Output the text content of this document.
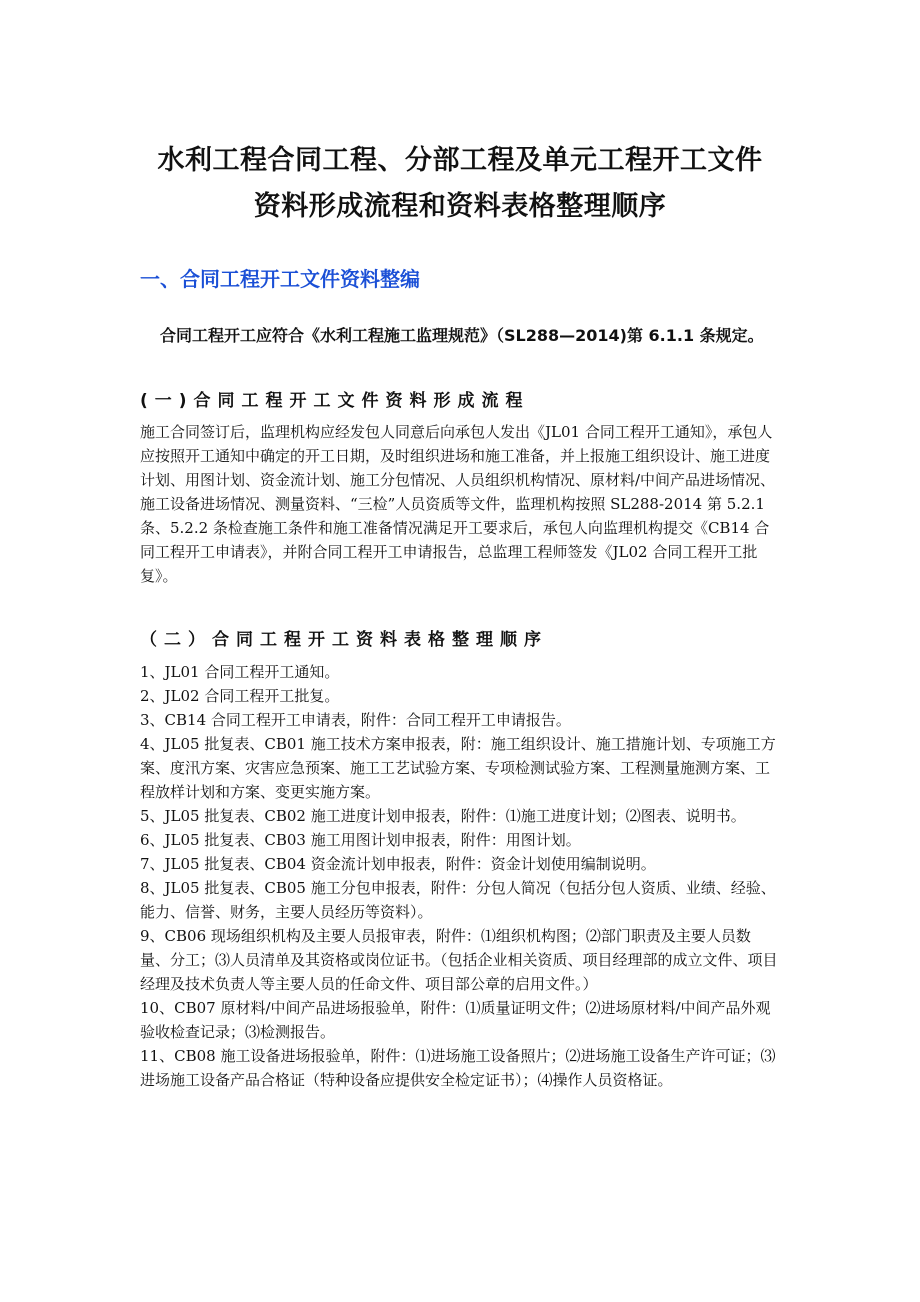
水利工程合同工程、分部工程及单元工程开工文件

资料形成流程和资料表格整理顺序

一、合同工程开工文件资料整编

合同工程开工应符合《水利工程施工监理规范》（SL288—2014)第 6.1.1 条规定。

(一)合同工程开工文件资料形成流程

施工合同签订后，监理机构应经发包人同意后向承包人发出《JL01 合同工程开工通知》，承包人应按照开工通知中确定的开工日期，及时组织进场和施工准备，并上报施工组织设计、施工进度计划、用图计划、资金流计划、施工分包情况、人员组织机构情况、原材料/中间产品进场情况、施工设备进场情况、测量资料、“三检”人员资质等文件，监理机构按照 SL288-2014 第 5.2.1 条、5.2.2 条检查施工条件和施工准备情况满足开工要求后，承包人向监理机构提交《CB14 合同工程开工申请表》，并附合同工程开工申请报告，总监理工程师签发《JL02 合同工程开工批复》。

（二）合同工程开工资料表格整理顺序
1、JL01 合同工程开工通知。
2、JL02 合同工程开工批复。
3、CB14 合同工程开工申请表，附件：合同工程开工申请报告。
4、JL05 批复表、CB01 施工技术方案申报表，附：施工组织设计、施工措施计划、专项施工方案、度汛方案、灾害应急预案、施工工艺试验方案、专项检测试验方案、工程测量施测方案、工程放样计划和方案、变更实施方案。
5、JL05 批复表、CB02 施工进度计划申报表，附件：⑴施工进度计划；⑵图表、说明书。
6、JL05 批复表、CB03 施工用图计划申报表，附件：用图计划。
7、JL05 批复表、CB04 资金流计划申报表，附件：资金计划使用编制说明。
8、JL05 批复表、CB05 施工分包申报表，附件：分包人简况（包括分包人资质、业绩、经验、能力、信誉、财务，主要人员经历等资料）。
9、CB06 现场组织机构及主要人员报审表，附件：⑴组织机构图；⑵部门职责及主要人员数量、分工；⑶人员清单及其资格或岗位证书。（包括企业相关资质、项目经理部的成立文件、项目经理及技术负责人等主要人员的任命文件、项目部公章的启用文件。）
10、CB07 原材料/中间产品进场报验单，附件：⑴质量证明文件；⑵进场原材料/中间产品外观验收检查记录；⑶检测报告。
11、CB08 施工设备进场报验单，附件：⑴进场施工设备照片；⑵进场施工设备生产许可证；⑶进场施工设备产品合格证（特种设备应提供安全检定证书）；⑷操作人员资格证。
